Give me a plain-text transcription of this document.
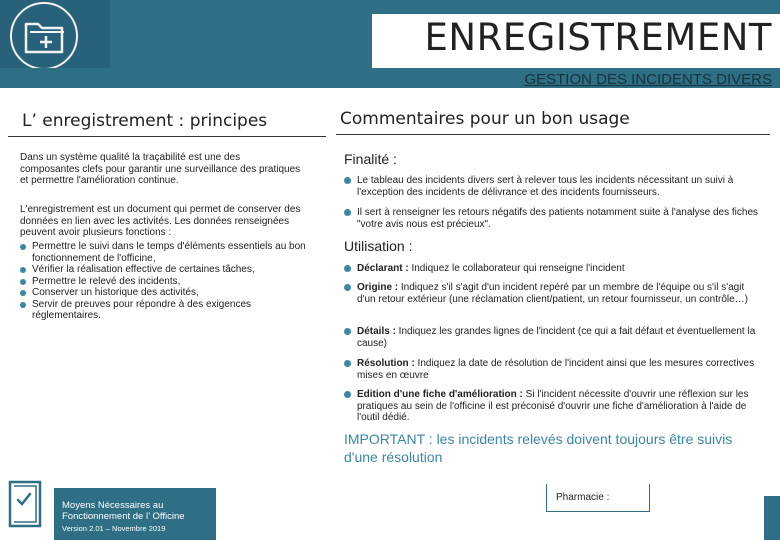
ENREGISTREMENT
GESTION DES INCIDENTS DIVERS
L’ enregistrement : principes
Dans un système qualité la traçabilité est une des composantes clefs pour garantir une surveillance des pratiques et permettre l'amélioration continue.
L'enregistrement est un document qui permet de conserver des données en lien avec les activités. Les données renseignées peuvent avoir plusieurs fonctions :
Permettre le suivi dans le temps d'éléments essentiels au bon fonctionnement de l'officine,
Vérifier la réalisation effective de certaines tâches,
Permettre le relevé des incidents,
Conserver un historique des activités,
Servir de preuves pour répondre à des exigences réglementaires.
Commentaires pour un bon usage
Finalité :
Le tableau des incidents divers sert à relever tous les incidents nécessitant un suivi à l'exception des incidents de délivrance et des incidents fournisseurs.
Il sert à renseigner les retours négatifs des patients notamment suite à l'analyse des fiches "votre avis nous est précieux".
Utilisation :
Déclarant : Indiquez le collaborateur qui renseigne l'incident
Origine : Indiquez s'il s'agit d'un incident repéré par un membre de l'équipe ou s'il s'agit d'un retour extérieur (une réclamation client/patient, un retour fournisseur, un contrôle…)
Détails : Indiquez les grandes lignes de l'incident (ce qui a fait défaut et éventuellement la cause)
Résolution : Indiquez la date de résolution de l'incident ainsi que les mesures correctives mises en œuvre
Edition d'une fiche d'amélioration : Si l'incident nécessite d'ouvrir une réflexion sur les pratiques au sein de l'officine il est préconisé d'ouvrir une fiche d'amélioration à l'aide de l'outil dédié.
IMPORTANT : les incidents relevés doivent toujours être suivis d'une résolution
Moyens Nécessaires au
Fonctionnement de l’ Officine
Version 2.01 – Novembre 2019
Pharmacie :
